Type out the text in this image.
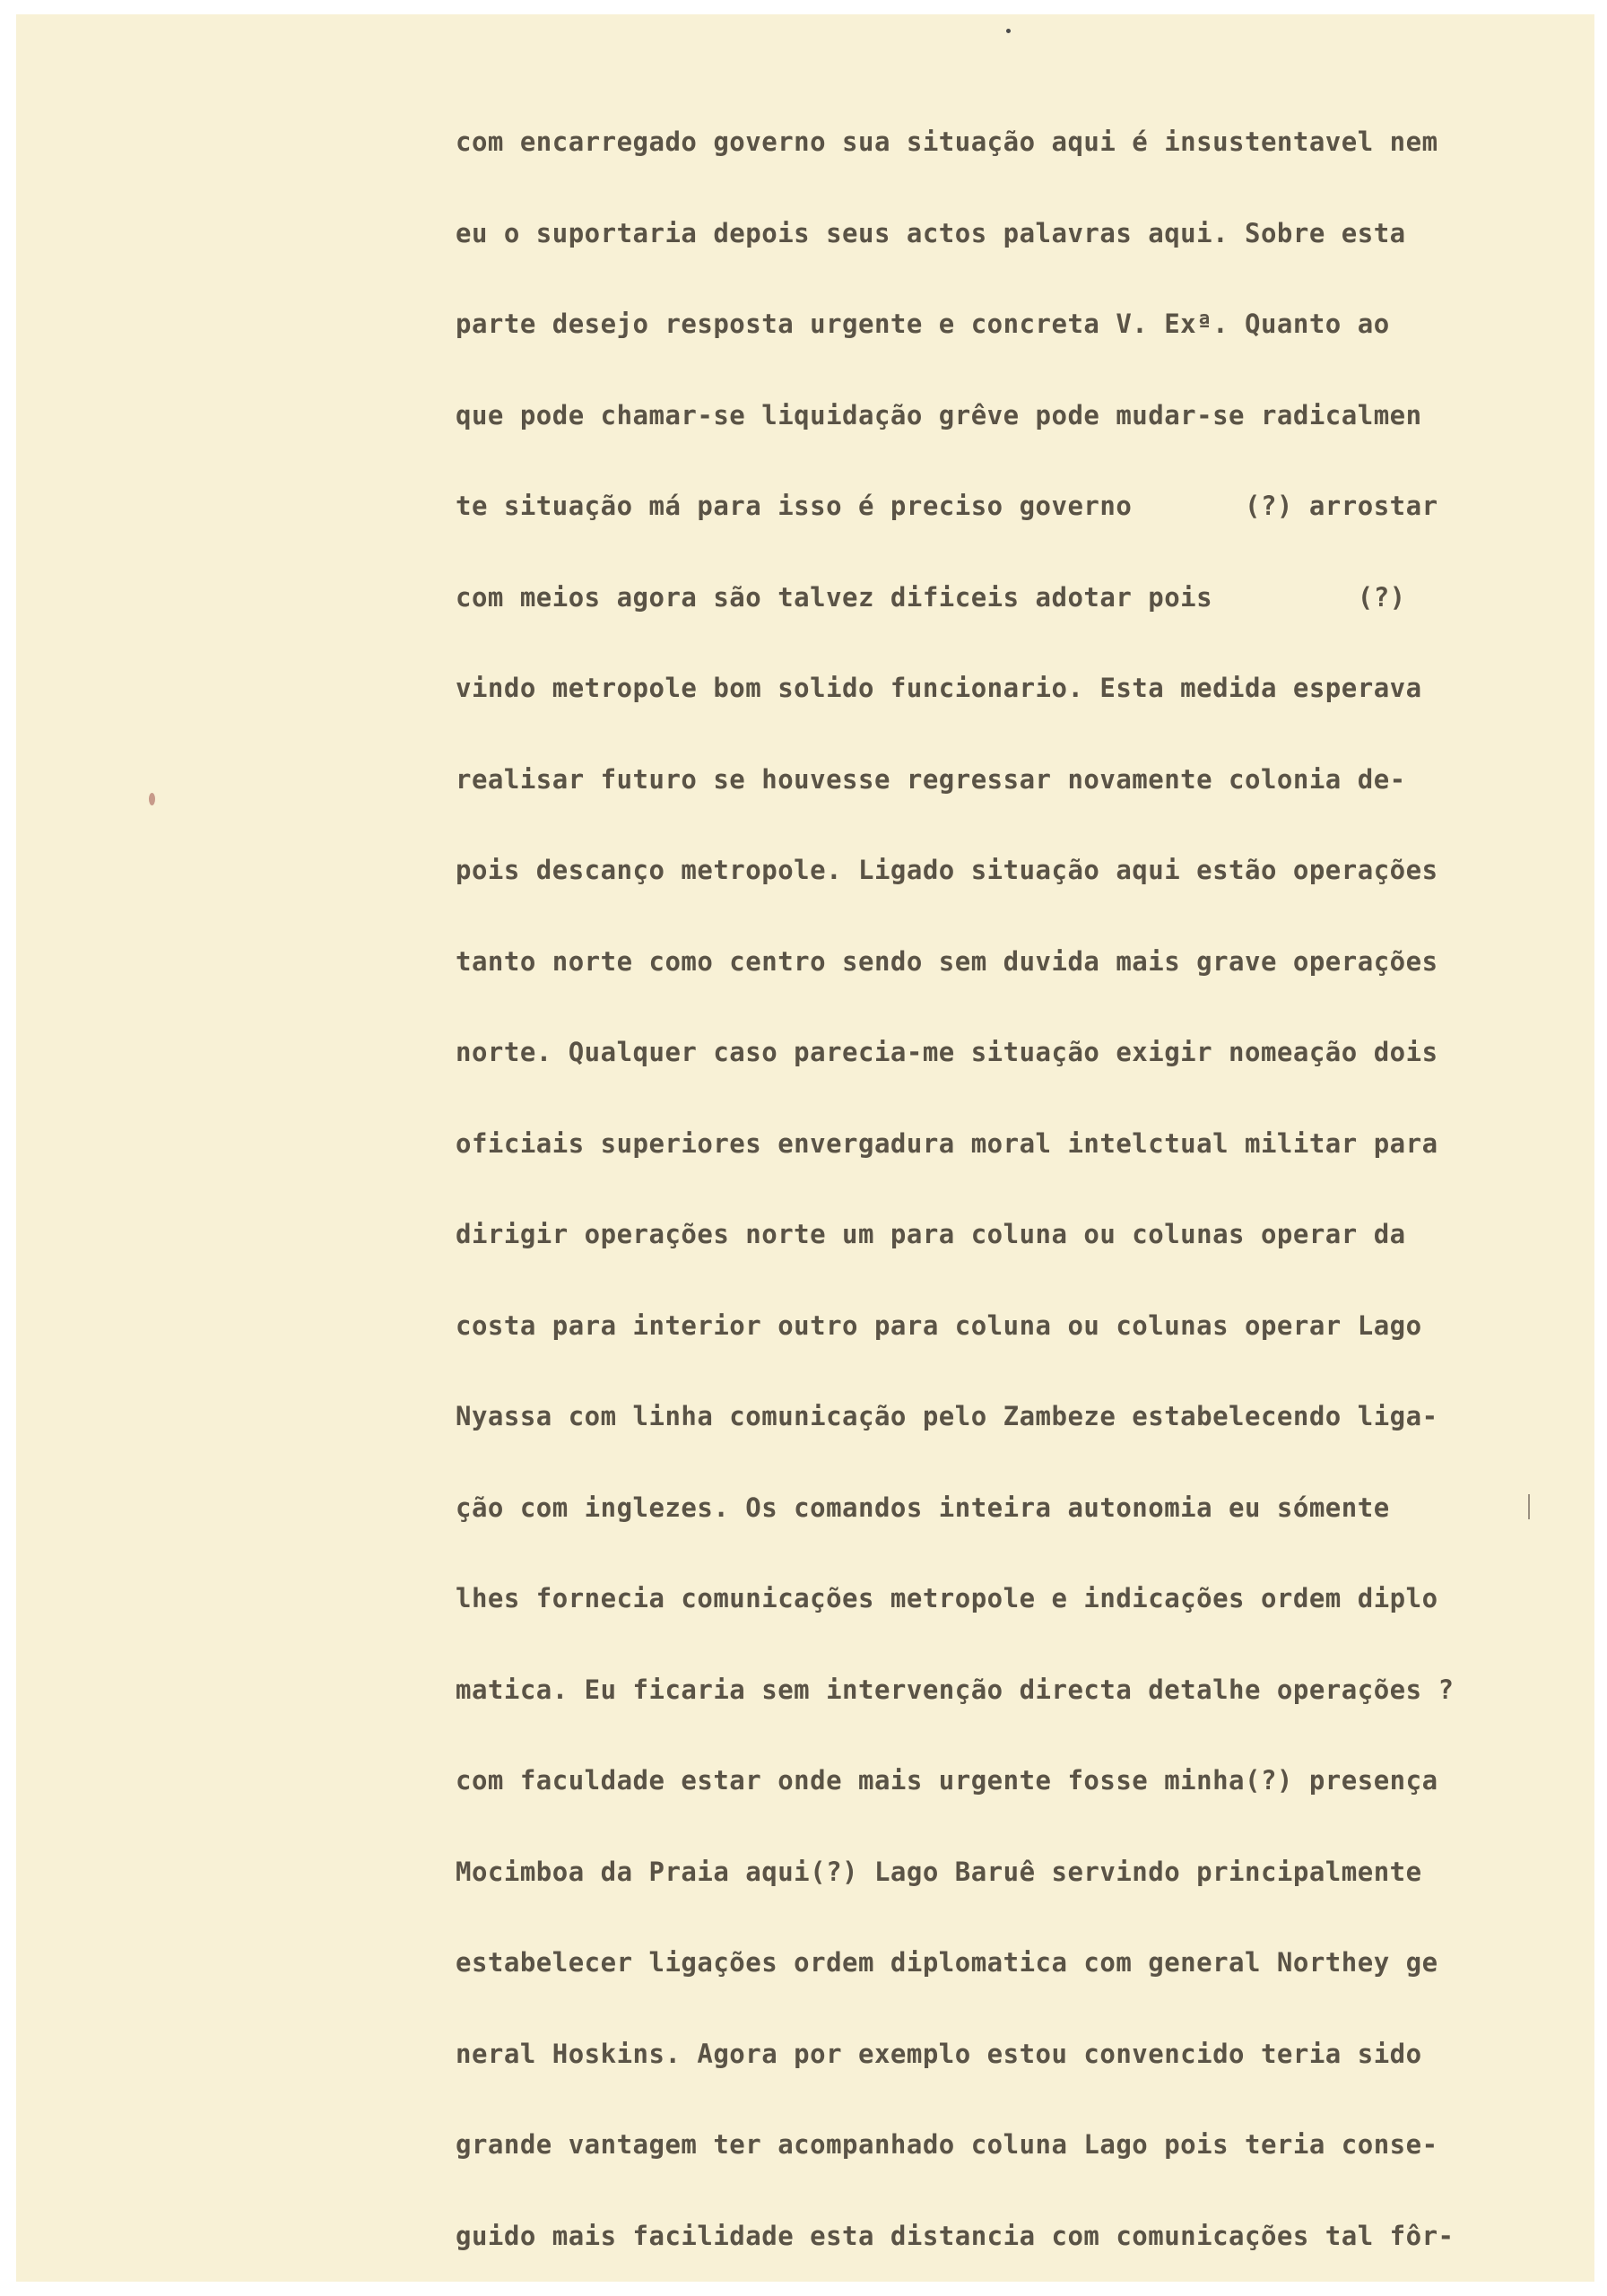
com encarregado governo sua situação aqui é insustentavel nem
eu o suportaria depois seus actos palavras aqui. Sobre esta
parte desejo resposta urgente e concreta V. Exª. Quanto ao
que pode chamar-se liquidação grêve pode mudar-se radicalmen
te situação má para isso é preciso governo       (?) arrostar
com meios agora são talvez dificeis adotar pois         (?)
vindo metropole bom solido funcionario. Esta medida esperava
realisar futuro se houvesse regressar novamente colonia de-
pois descanço metropole. Ligado situação aqui estão operações
tanto norte como centro sendo sem duvida mais grave operações
norte. Qualquer caso parecia-me situação exigir nomeação dois
oficiais superiores envergadura moral intelctual militar para
dirigir operações norte um para coluna ou colunas operar da
costa para interior outro para coluna ou colunas operar Lago
Nyassa com linha comunicação pelo Zambeze estabelecendo liga-
ção com inglezes. Os comandos inteira autonomia eu sómente
lhes fornecia comunicações metropole e indicações ordem diplo
matica. Eu ficaria sem intervenção directa detalhe operações ?
com faculdade estar onde mais urgente fosse minha(?) presença
Mocimboa da Praia aqui(?) Lago Baruê servindo principalmente
estabelecer ligações ordem diplomatica com general Northey ge
neral Hoskins. Agora por exemplo estou convencido teria sido
grande vantagem ter acompanhado coluna Lago pois teria conse-
guido mais facilidade esta distancia com comunicações tal fôr-
